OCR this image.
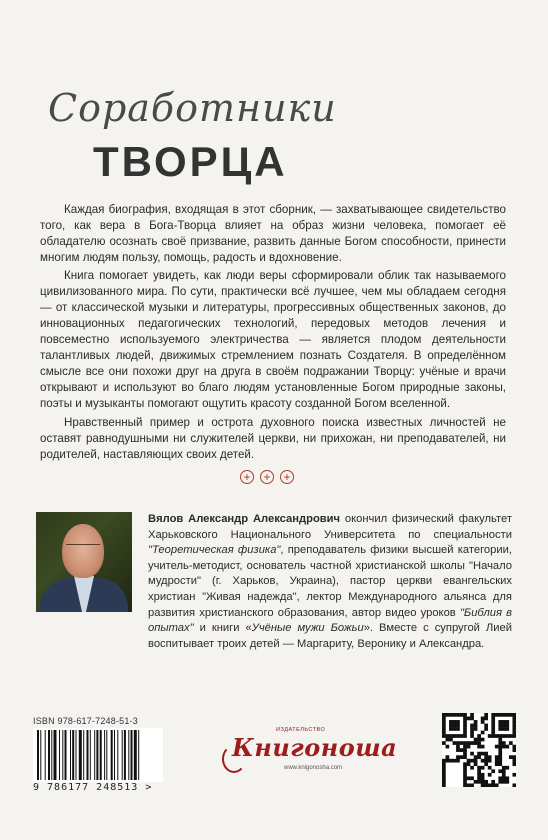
Соработники
ТВОРЦА

Каждая биография, входящая в этот сборник, — захватывающее свидетельство того, как вера в Бога-Творца влияет на образ жизни человека, помогает её обладателю осознать своё призвание, развить данные Богом способности, принести многим людям пользу, помощь, радость и вдохновение.

Книга помогает увидеть, как люди веры сформировали облик так называемого цивилизованного мира. По сути, практически всё лучшее, чем мы обладаем сегодня — от классической музыки и литературы, прогрессивных общественных законов, до инновационных педагогических технологий, передовых методов лечения и повсеместно используемого электричества — является плодом деятельности талантливых людей, движимых стремлением познать Создателя. В определённом смысле все они похожи друг на друга в своём подражании Творцу: учёные и врачи открывают и используют во благо людям установленные Богом природные законы, поэты и музыканты помогают ощутить красоту созданной Богом вселенной.

Нравственный пример и острота духовного поиска известных личностей не оставят равнодушными ни служителей церкви, ни прихожан, ни преподавателей, ни родителей, наставляющих своих детей.

+ + +
Вялов Александр Александрович окончил физический факультет Харьковского Национального Университета по специальности "Теоретическая физика", преподаватель физики высшей категории, учитель-методист, основатель частной христианской школы "Начало мудрости" (г. Харьков, Украина), пастор церкви евангельских христиан "Живая надежда", лектор Международного альянса для развития христианского образования, автор видео уроков "Библия в опытах" и книги «Учёные мужи Божьи». Вместе с супругой Лией воспитывает троих детей — Маргариту, Веронику и Александра.
ISBN 978-617-7248-51-3
9 786177 248513 >
ИЗДАТЕЛЬСТВО
Книгоноша
www.knigonosha.com
